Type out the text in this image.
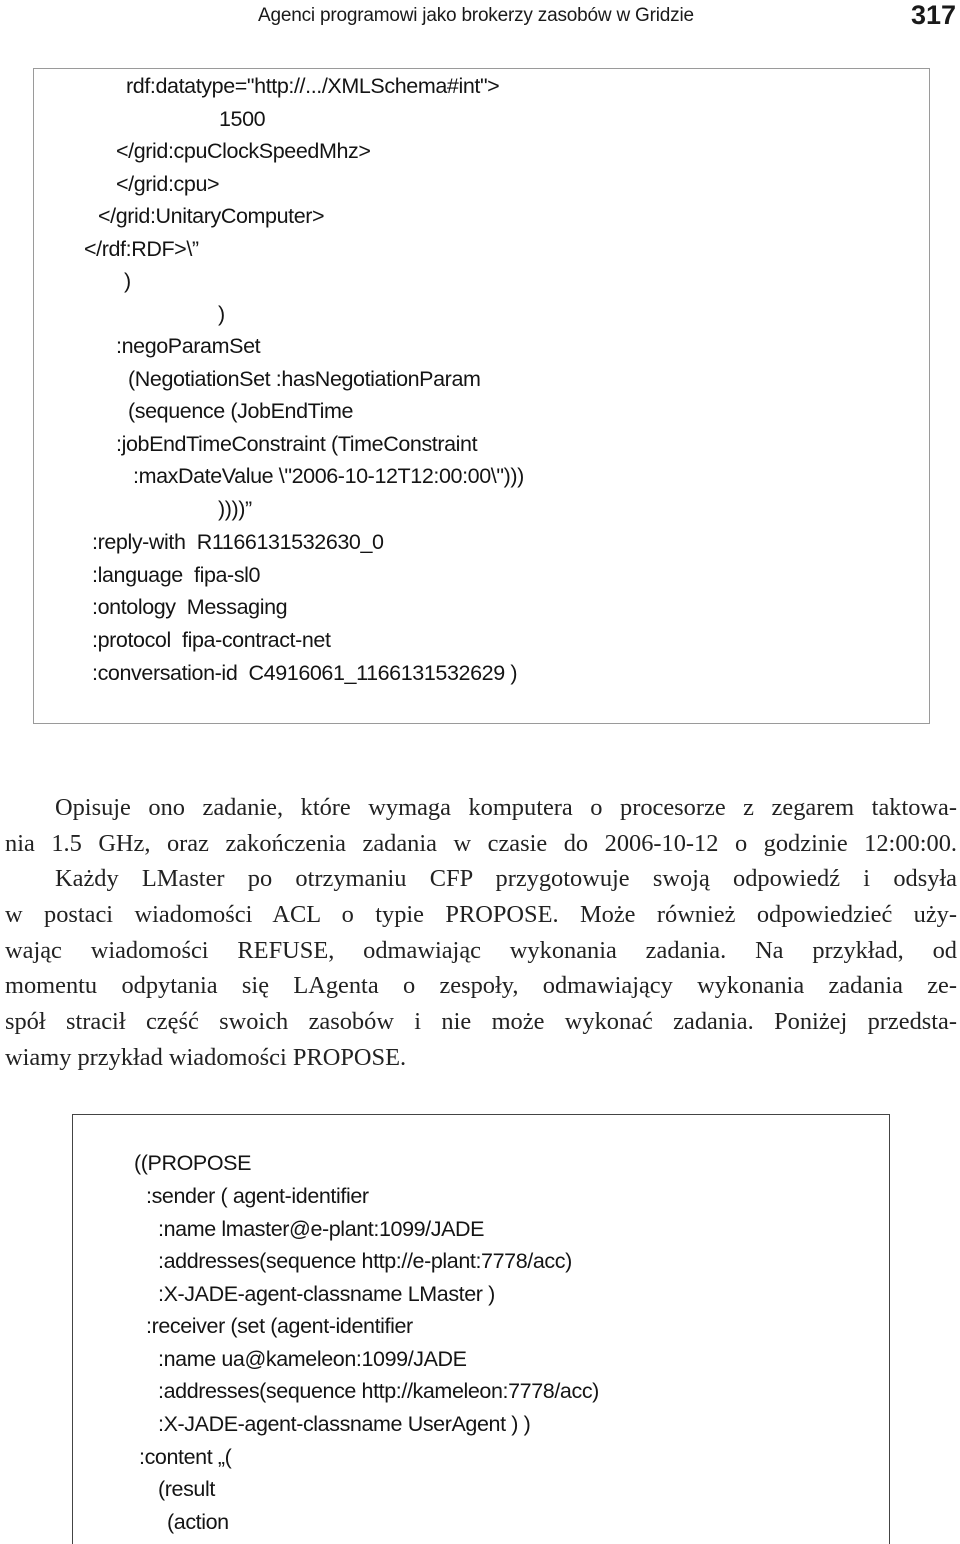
Agenci programowi jako brokerzy zasobów w Gridzie	317
rdf:datatype="http://.../XMLSchema#int">
1500
</grid:cpuClockSpeedMhz>
</grid:cpu>
</grid:UnitaryComputer>
</rdf:RDF>\”
)
)
:negoParamSet
(NegotiationSet :hasNegotiationParam
(sequence (JobEndTime
:jobEndTimeConstraint (TimeConstraint
:maxDateValue \"2006-10-12T12:00:00\")))
))))”
:reply-with  R1166131532630_0
:language  fipa-sl0
:ontology  Messaging
:protocol  fipa-contract-net
:conversation-id  C4916061_1166131532629 )
Opisuje ono zadanie, które wymaga komputera o procesorze z zegarem taktowa-
nia 1.5 GHz, oraz zakończenia zadania w czasie do 2006-10-12 o godzinie 12:00:00.
Każdy LMaster po otrzymaniu CFP przygotowuje swoją odpowiedź i odsyła
w postaci wiadomości ACL o typie PROPOSE. Może również odpowiedzieć uży-
wając wiadomości REFUSE, odmawiając wykonania zadania. Na przykład, od
momentu odpytania się LAgenta o zespoły, odmawiający wykonania zadania ze-
spół stracił część swoich zasobów i nie może wykonać zadania. Poniżej przedsta-
wiamy przykład wiadomości PROPOSE.
((PROPOSE
:sender ( agent-identifier
:name lmaster@e-plant:1099/JADE
:addresses(sequence http://e-plant:7778/acc)
:X-JADE-agent-classname LMaster )
:receiver (set (agent-identifier
:name ua@kameleon:1099/JADE
:addresses(sequence http://kameleon:7778/acc)
:X-JADE-agent-classname UserAgent ) )
:content „(
(result
(action
